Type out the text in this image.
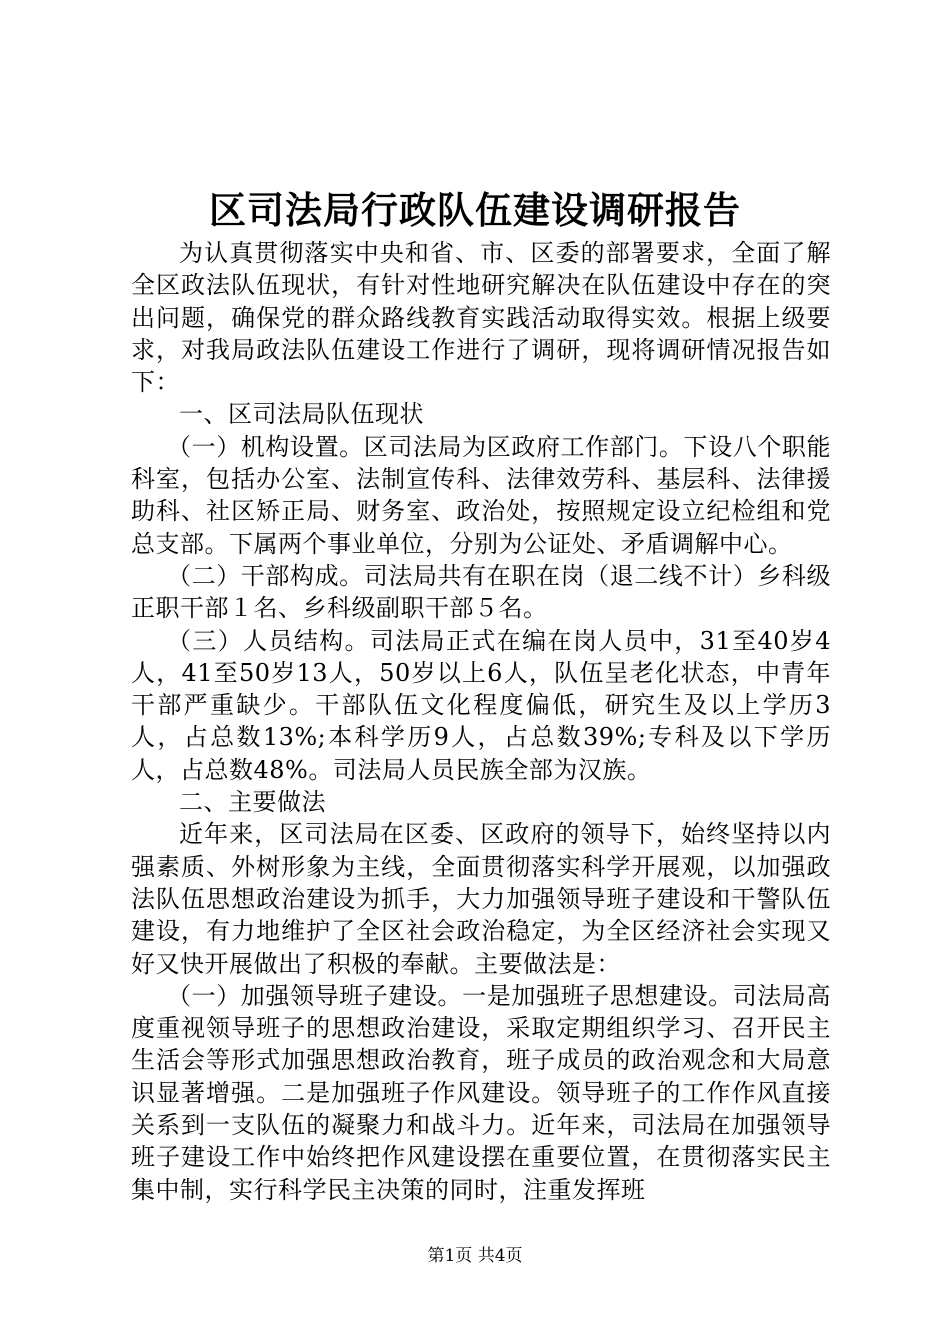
区司法局行政队伍建设调研报告

为认真贯彻落实中央和省、市、区委的部署要求，全面了解全区政法队伍现状，有针对性地研究解决在队伍建设中存在的突出问题，确保党的群众路线教育实践活动取得实效。根据上级要求，对我局政法队伍建设工作进行了调研，现将调研情况报告如下：

一、区司法局队伍现状

（一）机构设置。区司法局为区政府工作部门。下设八个职能科室，包括办公室、法制宣传科、法律效劳科、基层科、法律援助科、社区矫正局、财务室、政治处，按照规定设立纪检组和党总支部。下属两个事业单位，分别为公证处、矛盾调解中心。

（二）干部构成。司法局共有在职在岗（退二线不计）乡科级正职干部１名、乡科级副职干部５名。

（三）人员结构。司法局正式在编在岗人员中，31至40岁4人，41至50岁13人，50岁以上6人，队伍呈老化状态，中青年干部严重缺少。干部队伍文化程度偏低，研究生及以上学历3人，占总数13%;本科学历9人，占总数39%;专科及以下学历人，占总数48%。司法局人员民族全部为汉族。

二、主要做法

近年来，区司法局在区委、区政府的领导下，始终坚持以内强素质、外树形象为主线，全面贯彻落实科学开展观，以加强政法队伍思想政治建设为抓手，大力加强领导班子建设和干警队伍建设，有力地维护了全区社会政治稳定，为全区经济社会实现又好又快开展做出了积极的奉献。主要做法是：

（一）加强领导班子建设。一是加强班子思想建设。司法局高度重视领导班子的思想政治建设，采取定期组织学习、召开民主生活会等形式加强思想政治教育，班子成员的政治观念和大局意识显著增强。二是加强班子作风建设。领导班子的工作作风直接关系到一支队伍的凝聚力和战斗力。近年来，司法局在加强领导班子建设工作中始终把作风建设摆在重要位置，在贯彻落实民主集中制，实行科学民主决策的同时，注重发挥班

第1页 共4页
